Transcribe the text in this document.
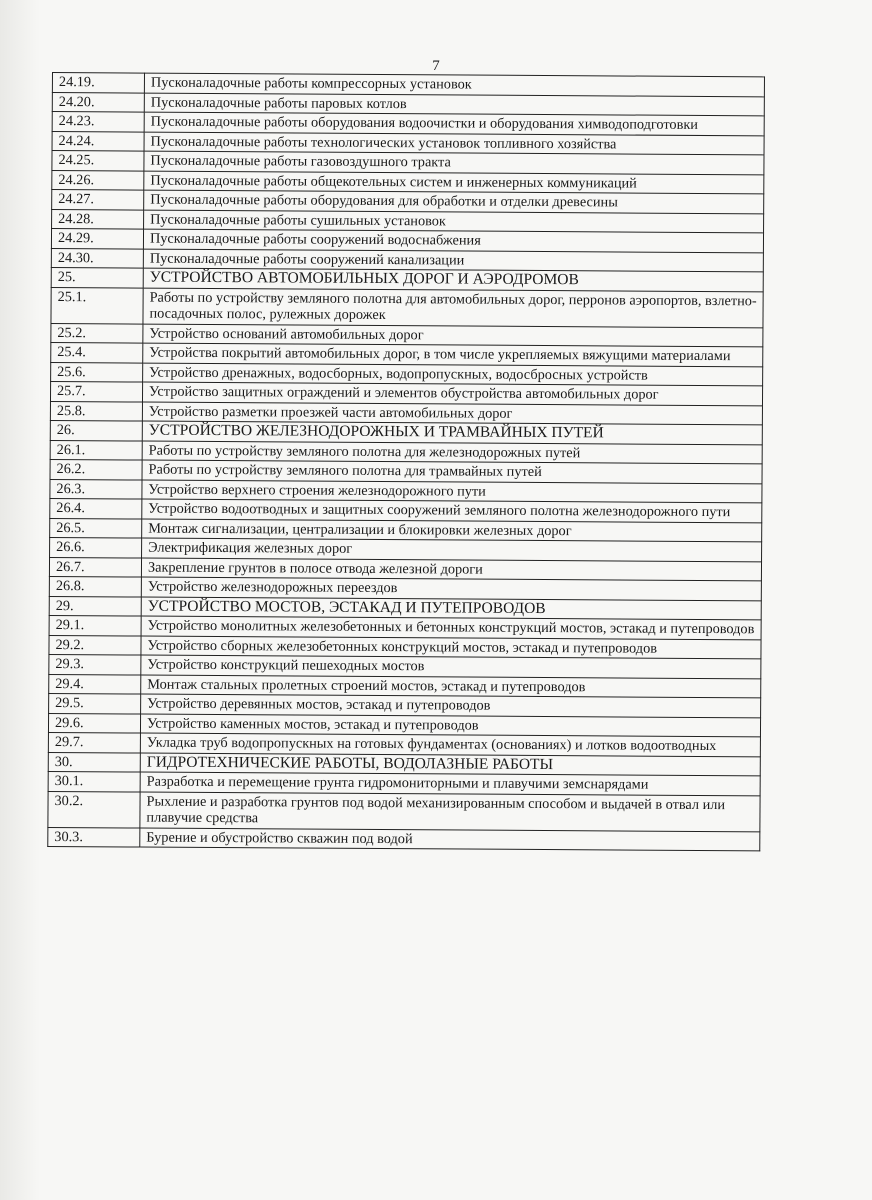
7
24.19.	Пусконаладочные работы компрессорных установок
24.20.	Пусконаладочные работы паровых котлов
24.23.	Пусконаладочные работы оборудования водоочистки и оборудования химводоподготовки
24.24.	Пусконаладочные работы технологических установок топливного хозяйства
24.25.	Пусконаладочные работы газовоздушного тракта
24.26.	Пусконаладочные работы общекотельных систем и инженерных коммуникаций
24.27.	Пусконаладочные работы оборудования для обработки и отделки древесины
24.28.	Пусконаладочные работы сушильных установок
24.29.	Пусконаладочные работы сооружений водоснабжения
24.30.	Пусконаладочные работы сооружений канализации
25.	УСТРОЙСТВО АВТОМОБИЛЬНЫХ ДОРОГ И АЭРОДРОМОВ
25.1.	Работы по устройству земляного полотна для автомобильных дорог, перронов аэропортов, взлетно-посадочных полос, рулежных дорожек
25.2.	Устройство оснований автомобильных дорог
25.4.	Устройства покрытий автомобильных дорог, в том числе укрепляемых вяжущими материалами
25.6.	Устройство дренажных, водосборных, водопропускных, водосбросных устройств
25.7.	Устройство защитных ограждений и элементов обустройства автомобильных дорог
25.8.	Устройство разметки проезжей части автомобильных дорог
26.	УСТРОЙСТВО ЖЕЛЕЗНОДОРОЖНЫХ И ТРАМВАЙНЫХ ПУТЕЙ
26.1.	Работы по устройству земляного полотна для железнодорожных путей
26.2.	Работы по устройству земляного полотна для трамвайных путей
26.3.	Устройство верхнего строения железнодорожного пути
26.4.	Устройство водоотводных и защитных сооружений земляного полотна железнодорожного пути
26.5.	Монтаж сигнализации, централизации и блокировки железных дорог
26.6.	Электрификация железных дорог
26.7.	Закрепление грунтов в полосе отвода железной дороги
26.8.	Устройство железнодорожных переездов
29.	УСТРОЙСТВО МОСТОВ, ЭСТАКАД И ПУТЕПРОВОДОВ
29.1.	Устройство монолитных железобетонных и бетонных конструкций мостов, эстакад и путепроводов
29.2.	Устройство сборных железобетонных конструкций мостов, эстакад и путепроводов
29.3.	Устройство конструкций пешеходных мостов
29.4.	Монтаж стальных пролетных строений мостов, эстакад и путепроводов
29.5.	Устройство деревянных мостов, эстакад и путепроводов
29.6.	Устройство каменных мостов, эстакад и путепроводов
29.7.	Укладка труб водопропускных на готовых фундаментах (основаниях) и лотков водоотводных
30.	ГИДРОТЕХНИЧЕСКИЕ РАБОТЫ, ВОДОЛАЗНЫЕ РАБОТЫ
30.1.	Разработка и перемещение грунта гидромониторными и плавучими земснарядами
30.2.	Рыхление и разработка грунтов под водой механизированным способом и выдачей в отвал или плавучие средства
30.3.	Бурение и обустройство скважин под водой
